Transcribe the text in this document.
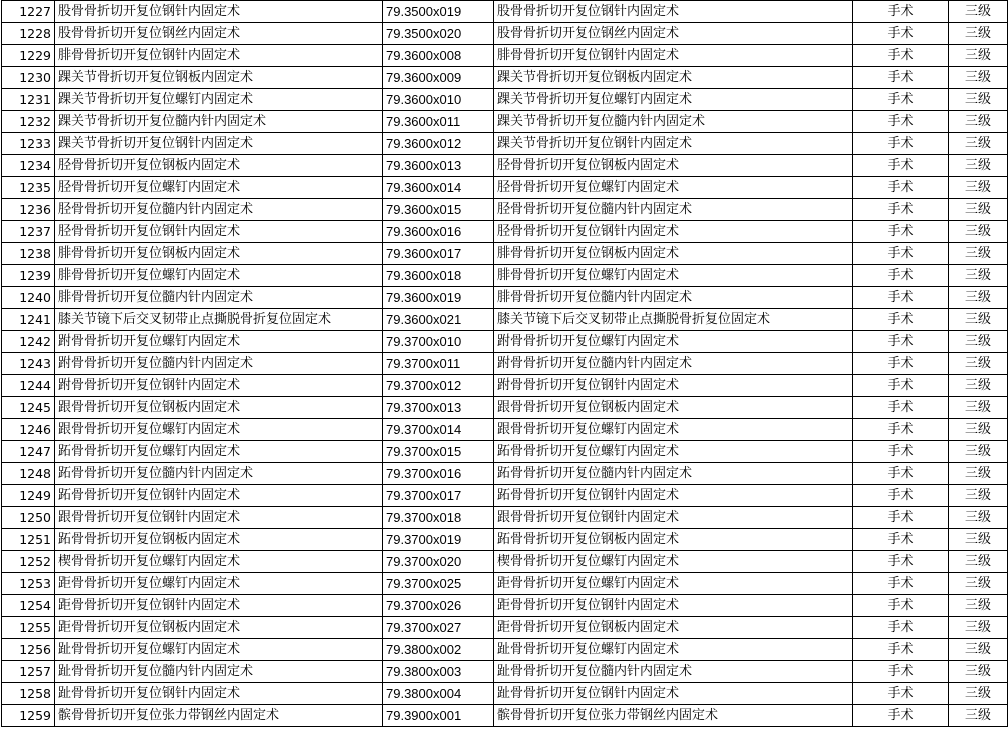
1227	股骨骨折切开复位钢针内固定术	79.3500x019	股骨骨折切开复位钢针内固定术	手术	三级
1228	股骨骨折切开复位钢丝内固定术	79.3500x020	股骨骨折切开复位钢丝内固定术	手术	三级
1229	腓骨骨折切开复位钢针内固定术	79.3600x008	腓骨骨折切开复位钢针内固定术	手术	三级
1230	踝关节骨折切开复位钢板内固定术	79.3600x009	踝关节骨折切开复位钢板内固定术	手术	三级
1231	踝关节骨折切开复位螺钉内固定术	79.3600x010	踝关节骨折切开复位螺钉内固定术	手术	三级
1232	踝关节骨折切开复位髓内针内固定术	79.3600x011	踝关节骨折切开复位髓内针内固定术	手术	三级
1233	踝关节骨折切开复位钢针内固定术	79.3600x012	踝关节骨折切开复位钢针内固定术	手术	三级
1234	胫骨骨折切开复位钢板内固定术	79.3600x013	胫骨骨折切开复位钢板内固定术	手术	三级
1235	胫骨骨折切开复位螺钉内固定术	79.3600x014	胫骨骨折切开复位螺钉内固定术	手术	三级
1236	胫骨骨折切开复位髓内针内固定术	79.3600x015	胫骨骨折切开复位髓内针内固定术	手术	三级
1237	胫骨骨折切开复位钢针内固定术	79.3600x016	胫骨骨折切开复位钢针内固定术	手术	三级
1238	腓骨骨折切开复位钢板内固定术	79.3600x017	腓骨骨折切开复位钢板内固定术	手术	三级
1239	腓骨骨折切开复位螺钉内固定术	79.3600x018	腓骨骨折切开复位螺钉内固定术	手术	三级
1240	腓骨骨折切开复位髓内针内固定术	79.3600x019	腓骨骨折切开复位髓内针内固定术	手术	三级
1241	膝关节镜下后交叉韧带止点撕脱骨折复位固定术	79.3600x021	膝关节镜下后交叉韧带止点撕脱骨折复位固定术	手术	三级
1242	跗骨骨折切开复位螺钉内固定术	79.3700x010	跗骨骨折切开复位螺钉内固定术	手术	三级
1243	跗骨骨折切开复位髓内针内固定术	79.3700x011	跗骨骨折切开复位髓内针内固定术	手术	三级
1244	跗骨骨折切开复位钢针内固定术	79.3700x012	跗骨骨折切开复位钢针内固定术	手术	三级
1245	跟骨骨折切开复位钢板内固定术	79.3700x013	跟骨骨折切开复位钢板内固定术	手术	三级
1246	跟骨骨折切开复位螺钉内固定术	79.3700x014	跟骨骨折切开复位螺钉内固定术	手术	三级
1247	跖骨骨折切开复位螺钉内固定术	79.3700x015	跖骨骨折切开复位螺钉内固定术	手术	三级
1248	跖骨骨折切开复位髓内针内固定术	79.3700x016	跖骨骨折切开复位髓内针内固定术	手术	三级
1249	跖骨骨折切开复位钢针内固定术	79.3700x017	跖骨骨折切开复位钢针内固定术	手术	三级
1250	跟骨骨折切开复位钢针内固定术	79.3700x018	跟骨骨折切开复位钢针内固定术	手术	三级
1251	跖骨骨折切开复位钢板内固定术	79.3700x019	跖骨骨折切开复位钢板内固定术	手术	三级
1252	楔骨骨折切开复位螺钉内固定术	79.3700x020	楔骨骨折切开复位螺钉内固定术	手术	三级
1253	距骨骨折切开复位螺钉内固定术	79.3700x025	距骨骨折切开复位螺钉内固定术	手术	三级
1254	距骨骨折切开复位钢针内固定术	79.3700x026	距骨骨折切开复位钢针内固定术	手术	三级
1255	距骨骨折切开复位钢板内固定术	79.3700x027	距骨骨折切开复位钢板内固定术	手术	三级
1256	趾骨骨折切开复位螺钉内固定术	79.3800x002	趾骨骨折切开复位螺钉内固定术	手术	三级
1257	趾骨骨折切开复位髓内针内固定术	79.3800x003	趾骨骨折切开复位髓内针内固定术	手术	三级
1258	趾骨骨折切开复位钢针内固定术	79.3800x004	趾骨骨折切开复位钢针内固定术	手术	三级
1259	髌骨骨折切开复位张力带钢丝内固定术	79.3900x001	髌骨骨折切开复位张力带钢丝内固定术	手术	三级
